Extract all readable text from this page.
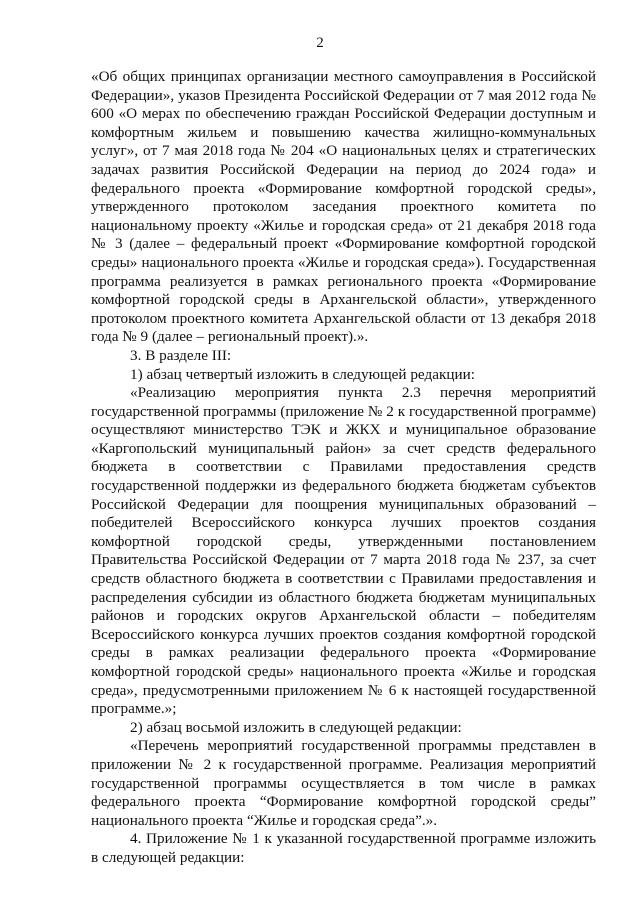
2

«Об общих принципах организации местного самоуправления в Российской Федерации», указов Президента Российской Федерации от 7 мая 2012 года № 600 «О мерах по обеспечению граждан Российской Федерации доступным и комфортным жильем и повышению качества жилищно-коммунальных услуг», от 7 мая 2018 года № 204 «О национальных целях и стратегических задачах развития Российской Федерации на период до 2024 года» и федерального проекта «Формирование комфортной городской среды», утвержденного протоколом заседания проектного комитета по национальному проекту «Жилье и городская среда» от 21 декабря 2018 года № 3 (далее – федеральный проект «Формирование комфортной городской среды» национального проекта «Жилье и городская среда»). Государственная программа реализуется в рамках регионального проекта «Формирование комфортной городской среды в Архангельской области», утвержденного протоколом проектного комитета Архангельской области от 13 декабря 2018 года № 9 (далее – региональный проект).».

3. В разделе III:

1) абзац четвертый изложить в следующей редакции:

«Реализацию мероприятия пункта 2.3 перечня мероприятий государственной программы (приложение № 2 к государственной программе) осуществляют министерство ТЭК и ЖКХ и муниципальное образование «Каргопольский муниципальный район» за счет средств федерального бюджета в соответствии с Правилами предоставления средств государственной поддержки из федерального бюджета бюджетам субъектов Российской Федерации для поощрения муниципальных образований – победителей Всероссийского конкурса лучших проектов создания комфортной городской среды, утвержденными постановлением Правительства Российской Федерации от 7 марта 2018 года № 237, за счет средств областного бюджета в соответствии с Правилами предоставления и распределения субсидии из областного бюджета бюджетам муниципальных районов и городских округов Архангельской области – победителям Всероссийского конкурса лучших проектов создания комфортной городской среды в рамках реализации федерального проекта «Формирование комфортной городской среды» национального проекта «Жилье и городская среда», предусмотренными приложением № 6 к настоящей государственной программе.»;

2) абзац восьмой изложить в следующей редакции:

«Перечень мероприятий государственной программы представлен в приложении № 2 к государственной программе. Реализация мероприятий государственной программы осуществляется в том числе в рамках федерального проекта “Формирование комфортной городской среды” национального проекта “Жилье и городская среда”.».

4. Приложение № 1 к указанной государственной программе изложить в следующей редакции:
